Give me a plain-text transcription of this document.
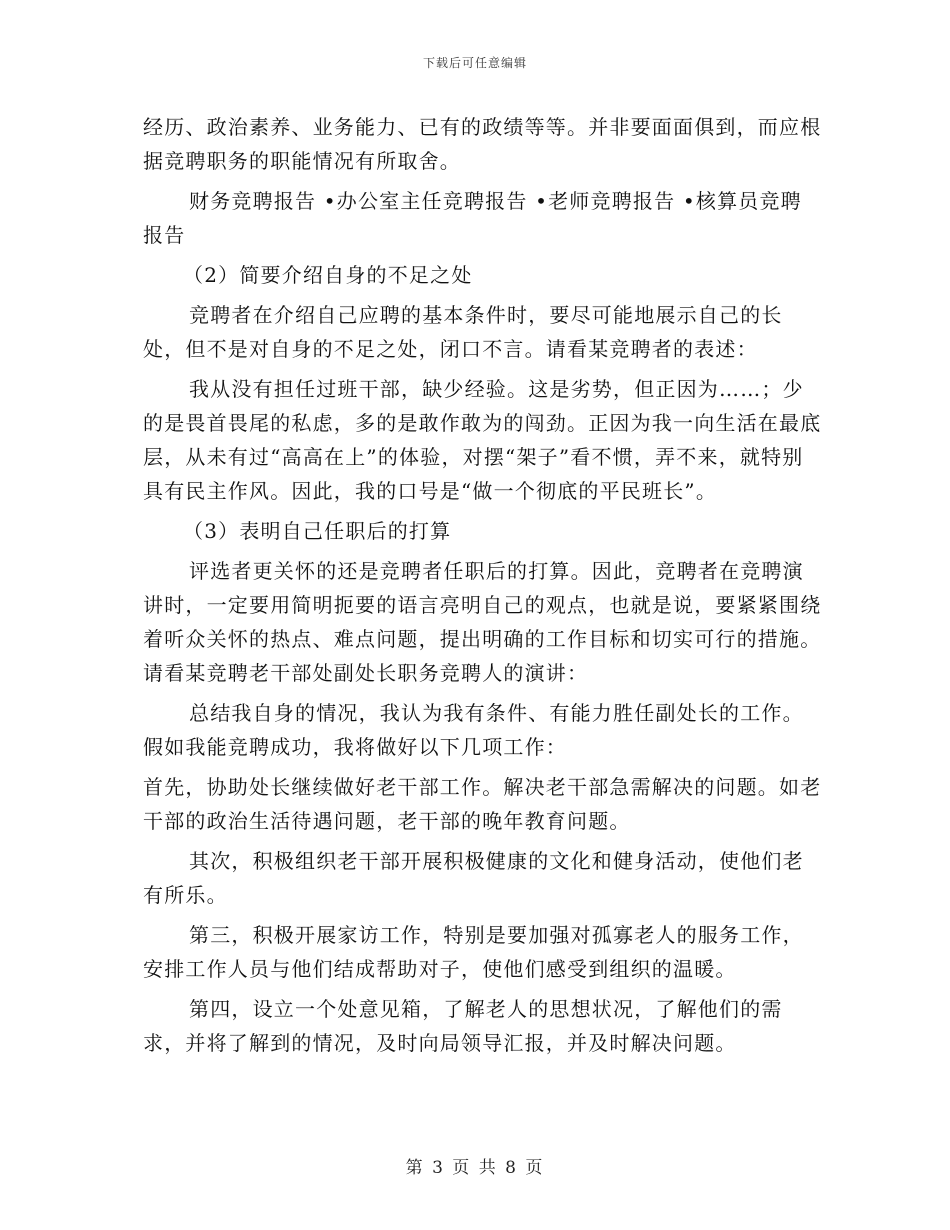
下载后可任意编辑

经历、政治素养、业务能力、已有的政绩等等。并非要面面俱到，而应根据竞聘职务的职能情况有所取舍。

财务竞聘报告 •办公室主任竞聘报告 •老师竞聘报告 •核算员竞聘报告

（2）简要介绍自身的不足之处

竞聘者在介绍自己应聘的基本条件时，要尽可能地展示自己的长处，但不是对自身的不足之处，闭口不言。请看某竞聘者的表述：

我从没有担任过班干部，缺少经验。这是劣势，但正因为……；少的是畏首畏尾的私虑，多的是敢作敢为的闯劲。正因为我一向生活在最底层，从未有过“高高在上”的体验，对摆“架子”看不惯，弄不来，就特别具有民主作风。因此，我的口号是“做一个彻底的平民班长”。

（3）表明自己任职后的打算

评选者更关怀的还是竞聘者任职后的打算。因此，竞聘者在竞聘演讲时，一定要用简明扼要的语言亮明自己的观点，也就是说，要紧紧围绕着听众关怀的热点、难点问题，提出明确的工作目标和切实可行的措施。请看某竞聘老干部处副处长职务竞聘人的演讲：

总结我自身的情况，我认为我有条件、有能力胜任副处长的工作。假如我能竞聘成功，我将做好以下几项工作：

首先，协助处长继续做好老干部工作。解决老干部急需解决的问题。如老干部的政治生活待遇问题，老干部的晚年教育问题。

其次，积极组织老干部开展积极健康的文化和健身活动，使他们老有所乐。

第三，积极开展家访工作，特别是要加强对孤寡老人的服务工作，安排工作人员与他们结成帮助对子，使他们感受到组织的温暖。

第四，设立一个处意见箱，了解老人的思想状况，了解他们的需求，并将了解到的情况，及时向局领导汇报，并及时解决问题。

第 3 页 共 8 页
